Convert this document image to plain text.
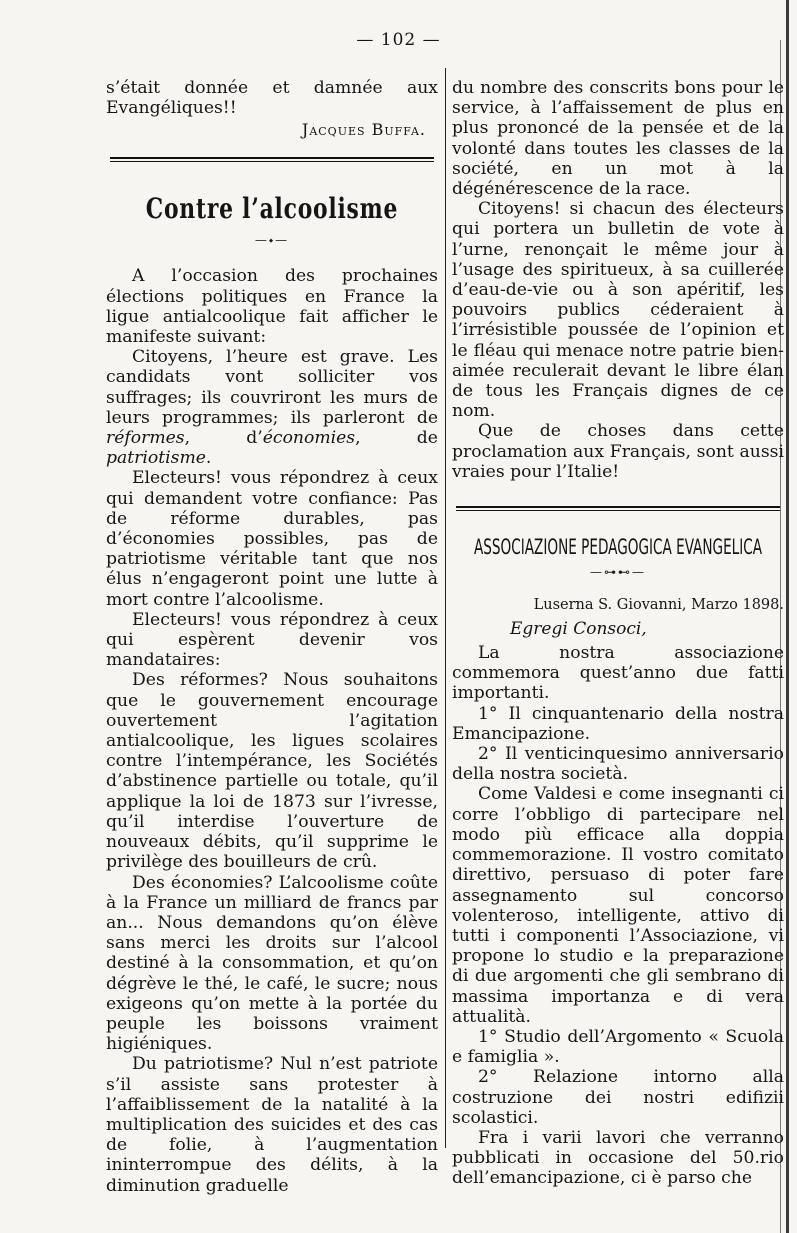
— 102 —

s’était donnée et damnée aux Evangéliques!!

Jacques Buffa.
Contre l’alcoolisme
—⬩—

A l’occasion des prochaines élections politiques en France la ligue antialcoolique fait afficher le manifeste suivant:

Citoyens, l’heure est grave. Les candidats vont solliciter vos suffrages; ils couvriront les murs de leurs programmes; ils parleront de réformes, d’économies, de patriotisme.

Electeurs! vous répondrez à ceux qui demandent votre confiance: Pas de réforme durables, pas d’économies possibles, pas de patriotisme véritable tant que nos élus n’engageront point une lutte à mort contre l’alcoolisme.

Electeurs! vous répondrez à ceux qui espèrent devenir vos mandataires:

Des réformes? Nous souhaitons que le gouvernement encourage ouvertement l’agitation antialcoolique, les ligues scolaires contre l’intempérance, les Sociétés d’abstinence partielle ou totale, qu’il applique la loi de 1873 sur l’ivresse, qu’il interdise l’ouverture de nouveaux débits, qu’il supprime le privilège des bouilleurs de crû.

Des économies? L’alcoolisme coûte à la France un milliard de francs par an... Nous demandons qu’on élève sans merci les droits sur l’alcool destiné à la consommation, et qu’on dégrève le thé, le café, le sucre; nous exigeons qu’on mette à la portée du peuple les boissons vraiment higiéniques.

Du patriotisme? Nul n’est patriote s’il assiste sans protester à l’affaiblissement de la natalité à la multiplication des suicides et des cas de folie, à l’augmentation ininterrompue des délits, à la diminution graduelle

du nombre des conscrits bons pour le service, à l’affaissement de plus en plus prononcé de la pensée et de la volonté dans toutes les classes de la société, en un mot à la dégénérescence de la race.

Citoyens! si chacun des électeurs qui portera un bulletin de vote à l’urne, renonçait le même jour à l’usage des spiritueux, à sa cuillerée d’eau-de-vie ou à son apéritif, les pouvoirs publics céderaient à l’irrésistible poussée de l’opinion et le fléau qui menace notre patrie bien-aimée reculerait devant le libre élan de tous les Français dignes de ce nom.

Que de choses dans cette proclamation aux Français, sont aussi vraies pour l’Italie!

ASSOCIAZIONE PEDAGOGICA EVANGELICA
—⊶⊷—
Luserna S. Giovanni, Marzo 1898.
Egregi Consoci,

La nostra associazione commemora quest’anno due fatti importanti.

1° Il cinquantenario della nostra Emancipazione.

2° Il venticinquesimo anniversario della nostra società.

Come Valdesi e come insegnanti ci corre l’obbligo di partecipare nel modo più efficace alla doppia commemorazione. Il vostro comitato direttivo, persuaso di poter fare assegnamento sul concorso volenteroso, intelligente, attivo di tutti i componenti l’Associazione, vi propone lo studio e la preparazione di due argomenti che gli sembrano di massima importanza e di vera attualità.

1° Studio dell’Argomento « Scuola e famiglia ».

2° Relazione intorno alla costruzione dei nostri edifizii scolastici.

Fra i varii lavori che verranno pubblicati in occasione del 50.rio dell’emancipazione, ci è parso che
